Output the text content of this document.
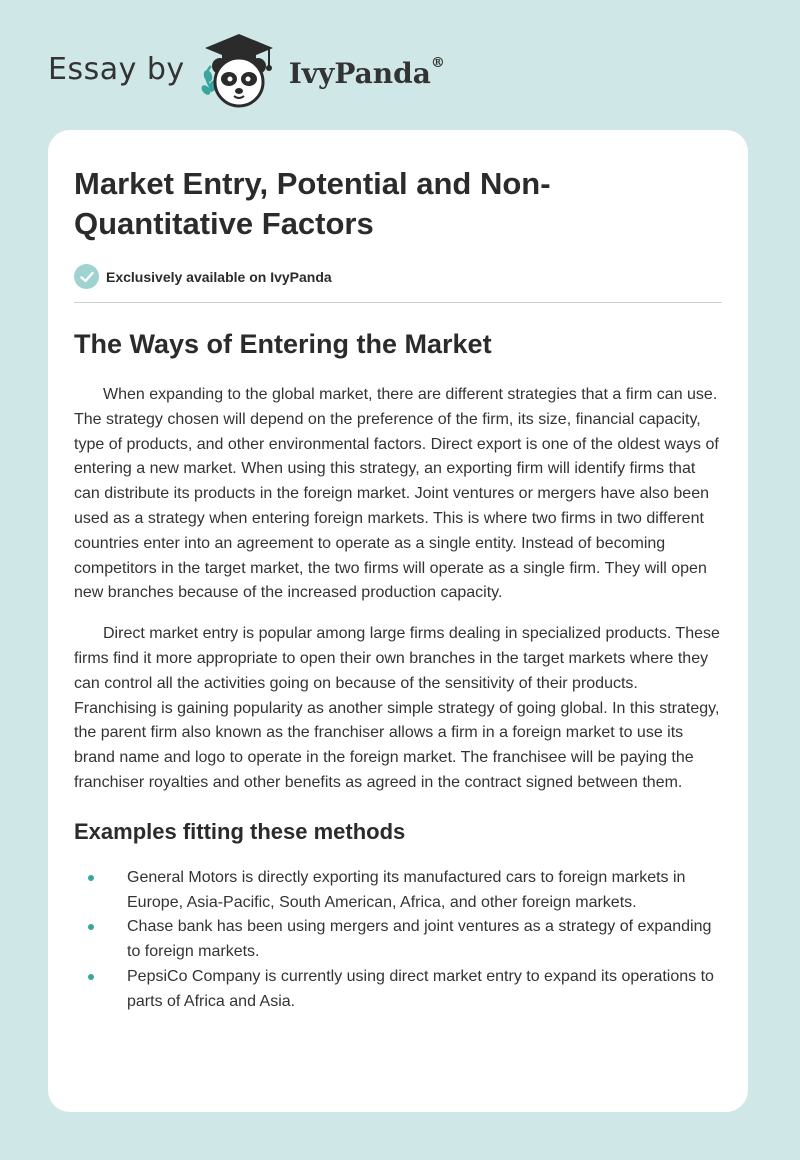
Essay by	IvyPanda®
Market Entry, Potential and Non-Quantitative Factors
Exclusively available on IvyPanda
The Ways of Entering the Market

When expanding to the global market, there are different strategies that a firm can use. The strategy chosen will depend on the preference of the firm, its size, financial capacity, type of products, and other environmental factors. Direct export is one of the oldest ways of entering a new market. When using this strategy, an exporting firm will identify firms that can distribute its products in the foreign market. Joint ventures or mergers have also been used as a strategy when entering foreign markets. This is where two firms in two different countries enter into an agreement to operate as a single entity. Instead of becoming competitors in the target market, the two firms will operate as a single firm. They will open new branches because of the increased production capacity.

Direct market entry is popular among large firms dealing in specialized products. These firms find it more appropriate to open their own branches in the target markets where they can control all the activities going on because of the sensitivity of their products. Franchising is gaining popularity as another simple strategy of going global. In this strategy, the parent firm also known as the franchiser allows a firm in a foreign market to use its brand name and logo to operate in the foreign market. The franchisee will be paying the franchiser royalties and other benefits as agreed in the contract signed between them.

Examples fitting these methods
General Motors is directly exporting its manufactured cars to foreign markets in Europe, Asia-Pacific, South American, Africa, and other foreign markets.
Chase bank has been using mergers and joint ventures as a strategy of expanding to foreign markets.
PepsiCo Company is currently using direct market entry to expand its operations to parts of Africa and Asia.
